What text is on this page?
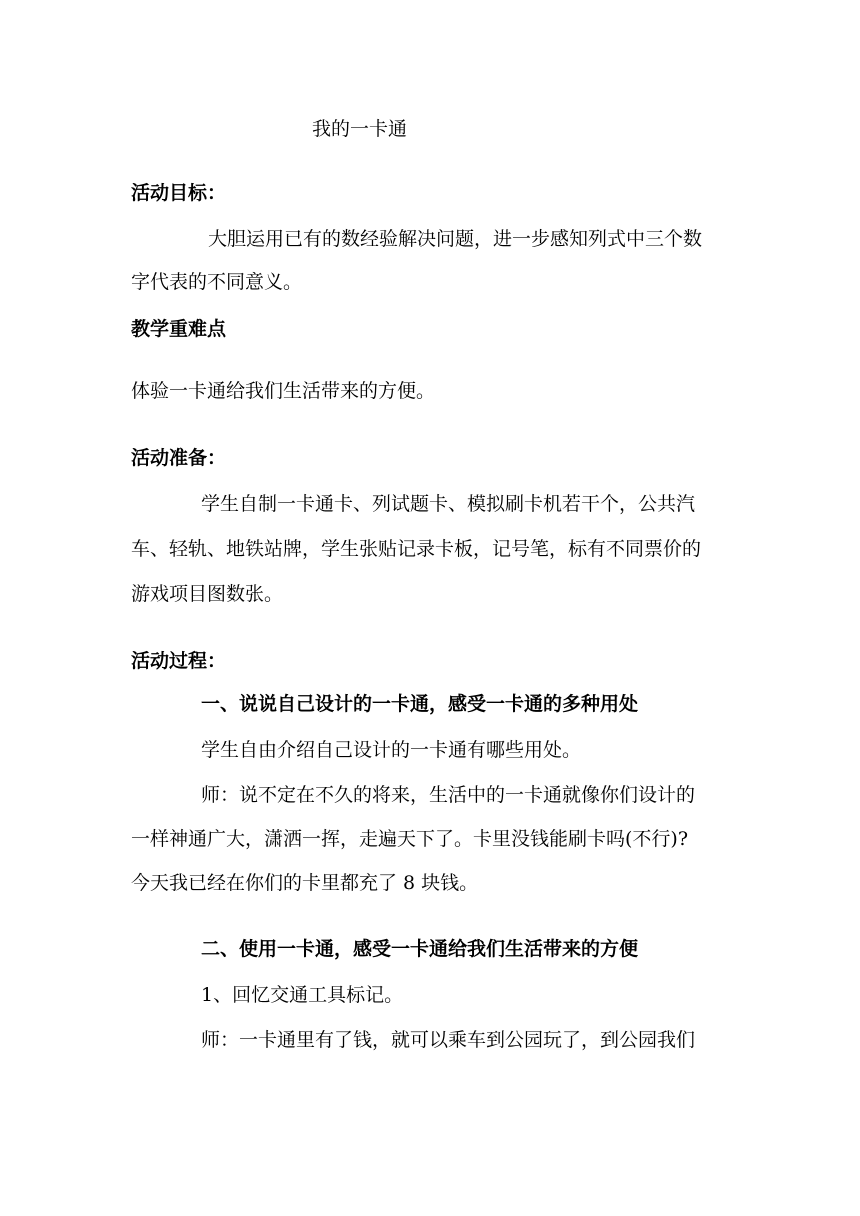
我的一卡通
活动目标：
大胆运用已有的数经验解决问题，进一步感知列式中三个数
字代表的不同意义。
教学重难点
体验一卡通给我们生活带来的方便。
活动准备：
学生自制一卡通卡、列试题卡、模拟刷卡机若干个，公共汽
车、轻轨、地铁站牌，学生张贴记录卡板，记号笔，标有不同票价的
游戏项目图数张。
活动过程：
一、说说自己设计的一卡通，感受一卡通的多种用处
学生自由介绍自己设计的一卡通有哪些用处。
师：说不定在不久的将来，生活中的一卡通就像你们设计的
一样神通广大，潇洒一挥，走遍天下了。卡里没钱能刷卡吗(不行)?
今天我已经在你们的卡里都充了 8 块钱。
二、使用一卡通，感受一卡通给我们生活带来的方便
1、回忆交通工具标记。
师：一卡通里有了钱，就可以乘车到公园玩了，到公园我们
